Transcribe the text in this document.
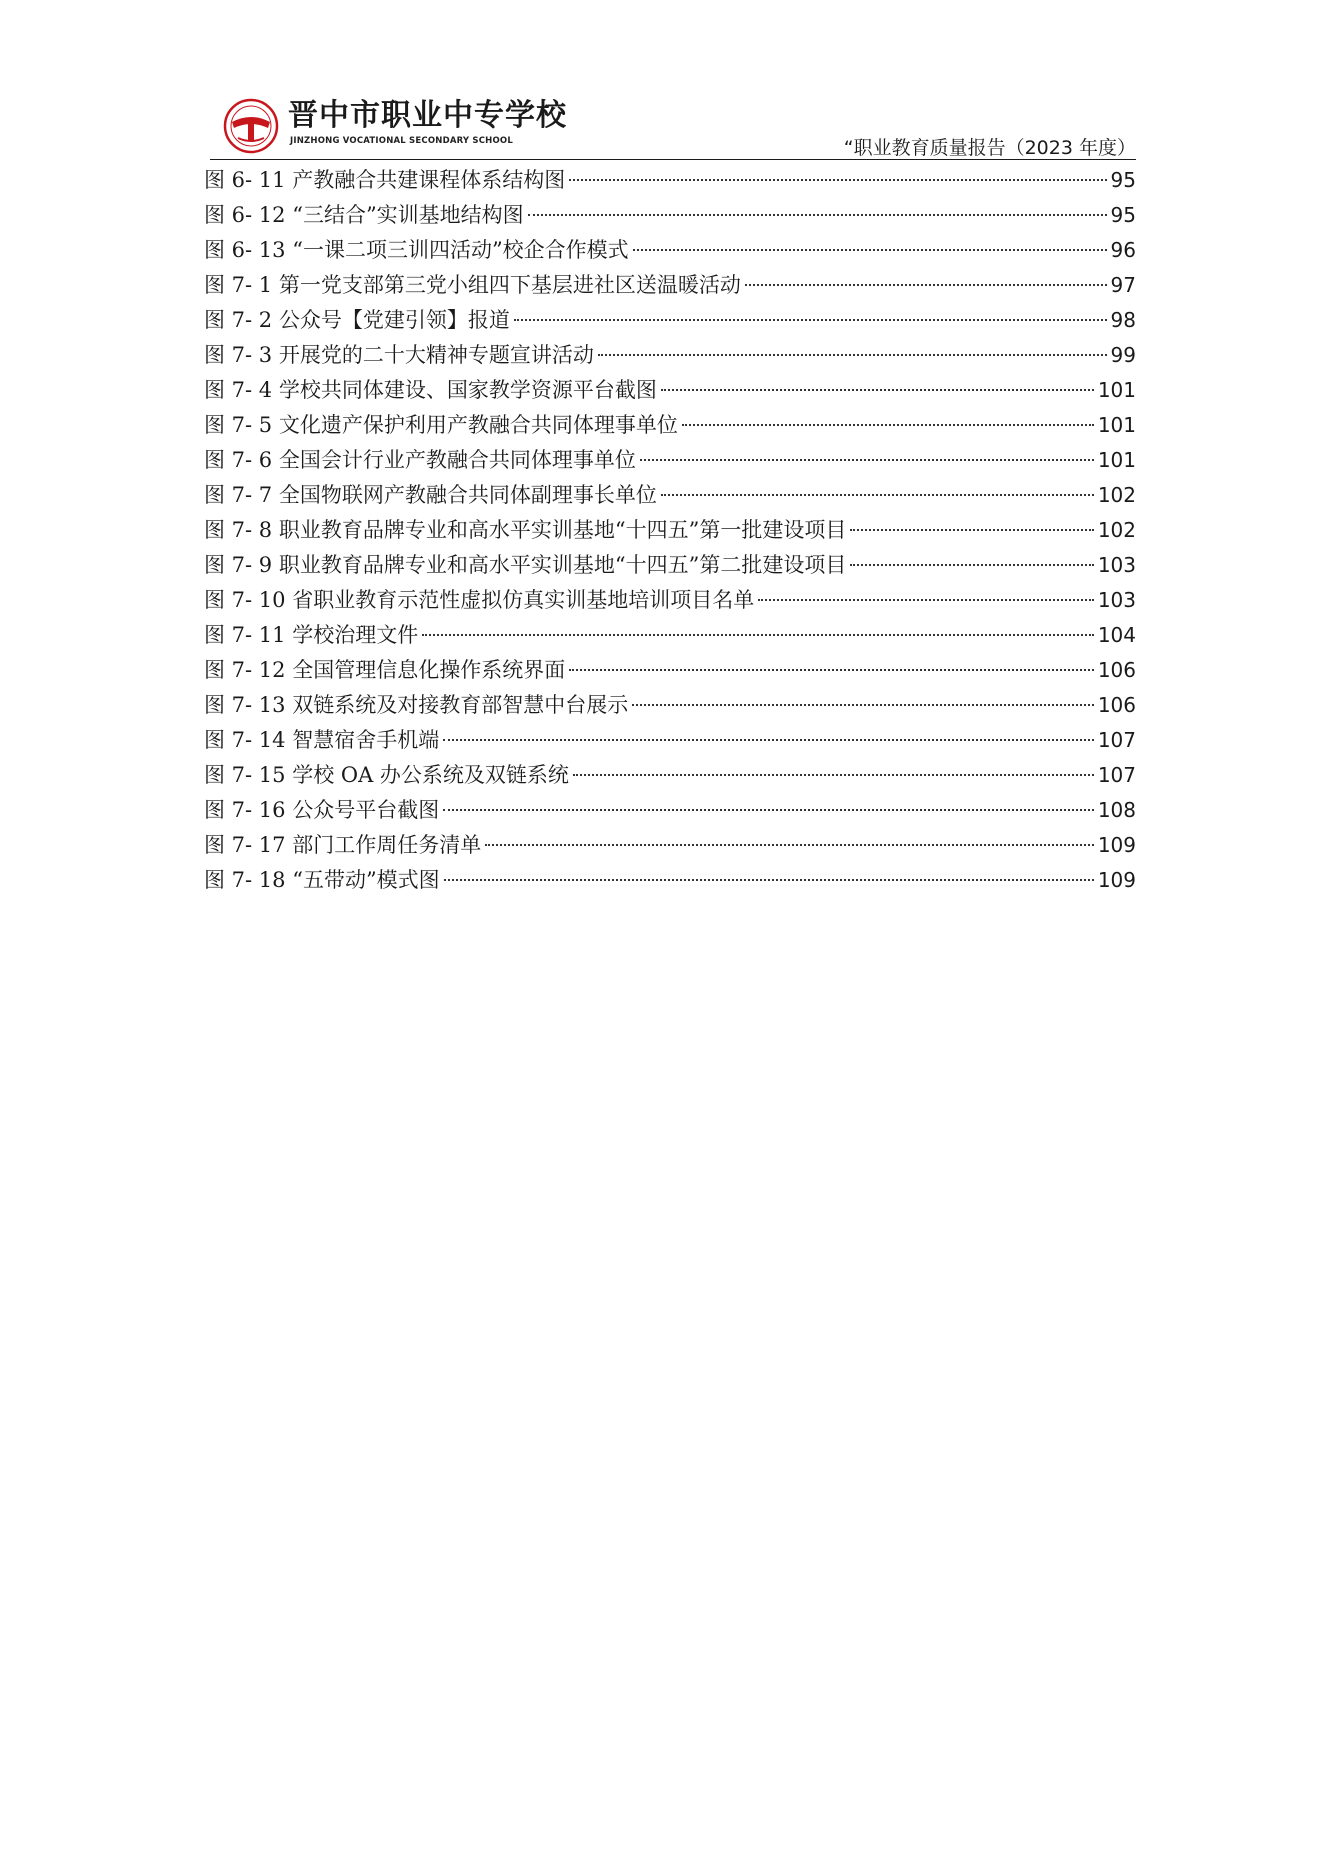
晋中市职业中专学校
JINZHONG VOCATIONAL SECONDARY SCHOOL	“职业教育质量报告（2023 年度）
图 6- 11 产教融合共建课程体系结构图	95
图 6- 12 “三结合”实训基地结构图	95
图 6- 13 “一课二项三训四活动”校企合作模式	96
图 7- 1 第一党支部第三党小组四下基层进社区送温暖活动	97
图 7- 2 公众号【党建引领】报道	98
图 7- 3 开展党的二十大精神专题宣讲活动	99
图 7- 4 学校共同体建设、国家教学资源平台截图	101
图 7- 5 文化遗产保护利用产教融合共同体理事单位	101
图 7- 6 全国会计行业产教融合共同体理事单位	101
图 7- 7 全国物联网产教融合共同体副理事长单位	102
图 7- 8 职业教育品牌专业和高水平实训基地“十四五”第一批建设项目	102
图 7- 9 职业教育品牌专业和高水平实训基地“十四五”第二批建设项目	103
图 7- 10 省职业教育示范性虚拟仿真实训基地培训项目名单	103
图 7- 11 学校治理文件	104
图 7- 12 全国管理信息化操作系统界面	106
图 7- 13 双链系统及对接教育部智慧中台展示	106
图 7- 14 智慧宿舍手机端	107
图 7- 15 学校 OA 办公系统及双链系统	107
图 7- 16 公众号平台截图	108
图 7- 17 部门工作周任务清单	109
图 7- 18 “五带动”模式图	109
